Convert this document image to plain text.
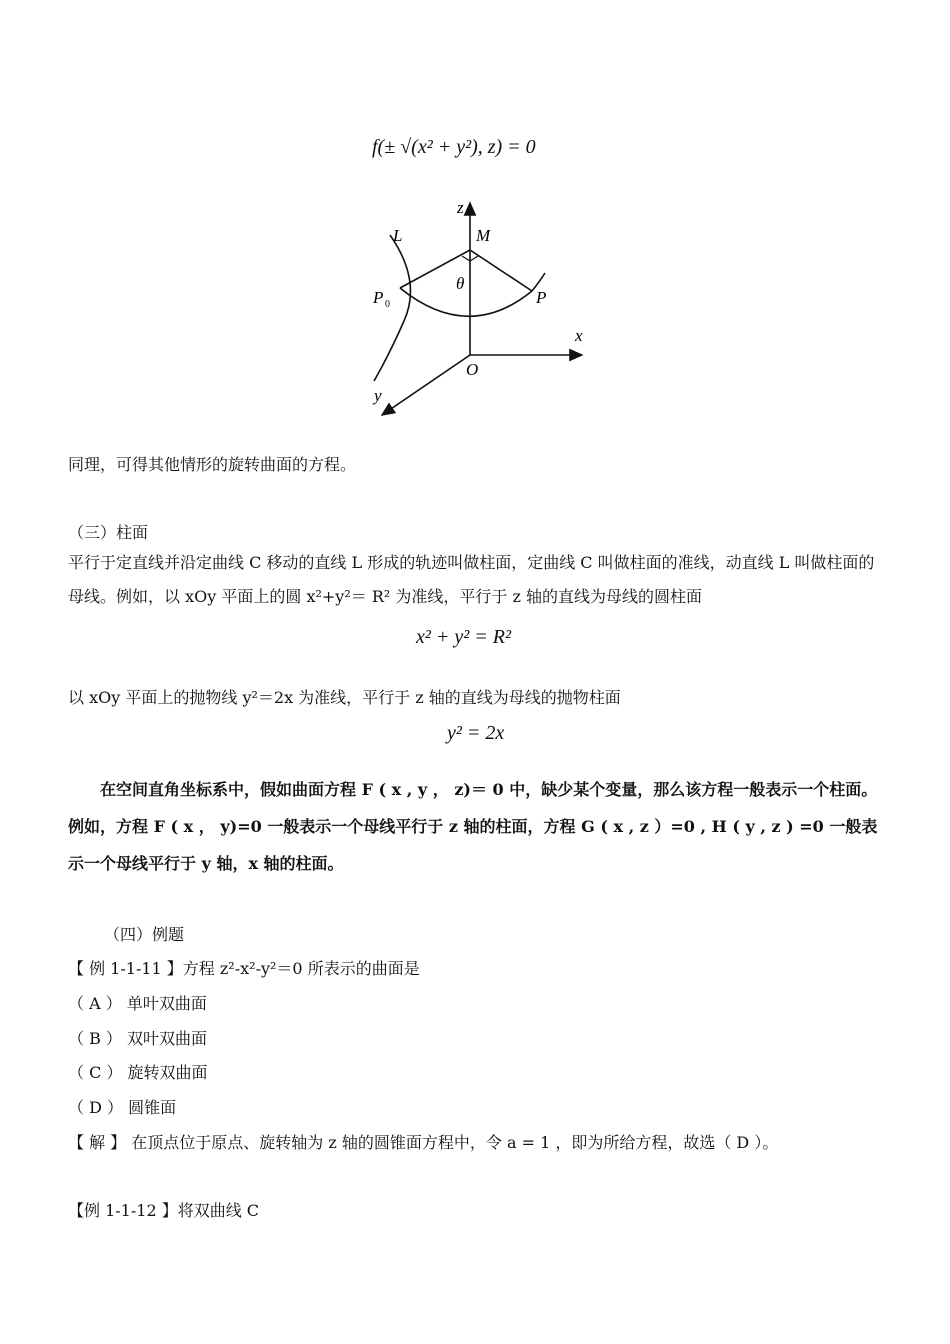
f(± √(x² + y²), z) = 0
z
L	M
θ
P 0	P
x
O
y
同理，可得其他情形的旋转曲面的方程。
（三）柱面
平行于定直线并沿定曲线 C 移动的直线 L 形成的轨迹叫做柱面，定曲线 C 叫做柱面的准线，动直线 L 叫做柱面的母线。例如，以 xOy 平面上的圆 x²+y²＝ R² 为准线，平行于 z 轴的直线为母线的圆柱面
x² + y² = R²
以 xOy 平面上的抛物线 y²＝2x 为准线，平行于 z 轴的直线为母线的抛物柱面
y² = 2x
在空间直角坐标系中，假如曲面方程 F ( x , y ， z)＝ 0 中，缺少某个变量，那么该方程一般表示一个柱面。例如，方程 F ( x ， y)=0 一般表示一个母线平行于 z 轴的柱面，方程 G ( x , z ）=0 , H ( y , z ) =0 一般表示一个母线平行于 y 轴，x 轴的柱面。
（四）例题
【 例 1-1-11 】方程 z²-x²-y²＝0 所表示的曲面是
（ A ） 单叶双曲面
（ B ） 双叶双曲面
（ C ） 旋转双曲面
（ D ） 圆锥面
【 解 】 在顶点位于原点、旋转轴为 z 轴的圆锥面方程中，令 a = 1 ，即为所给方程，故选（ D ）。
【例 1-1-12 】将双曲线 C
